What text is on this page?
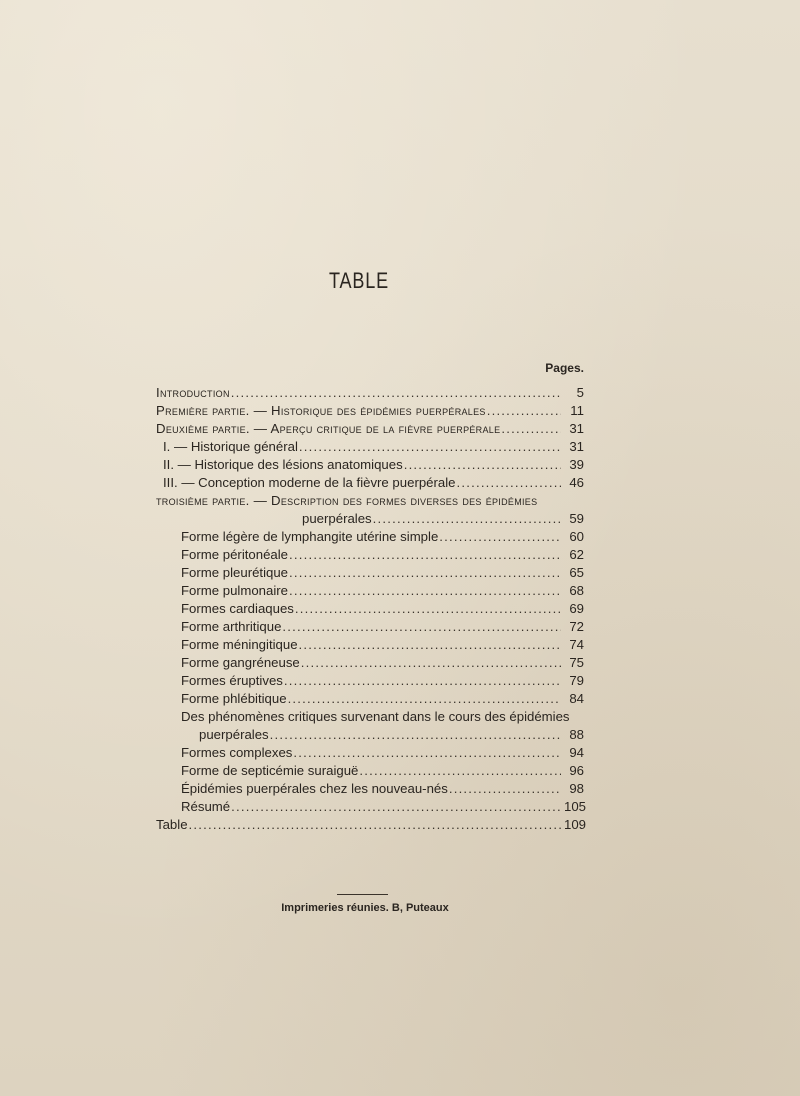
TABLE
Pages.
Introduction .....	5
Première partie. — Historique des épidémies puerpérales .....	11
Deuxième partie. — Aperçu critique de la fièvre puerpérale .....	31
I. — Historique général .....	31
II. — Historique des lésions anatomiques .....	39
III. — Conception moderne de la fièvre puerpérale .....	46
troisième partie. — Description des formes diverses des épidémies
puerpérales .....	59
Forme légère de lymphangite utérine simple .....	60
Forme péritonéale .....	62
Forme pleurétique .....	65
Forme pulmonaire .....	68
Formes cardiaques .....	69
Forme arthritique .....	72
Forme méningitique .....	74
Forme gangréneuse .....	75
Formes éruptives .....	79
Forme phlébitique .....	84
Des phénomènes critiques survenant dans le cours des épidémies
puerpérales .....	88
Formes complexes .....	94
Forme de septicémie suraiguë .....	96
Épidémies puerpérales chez les nouveau-nés .....	98
Résumé .....	105
Table .....	109
Imprimeries réunies. B, Puteaux
